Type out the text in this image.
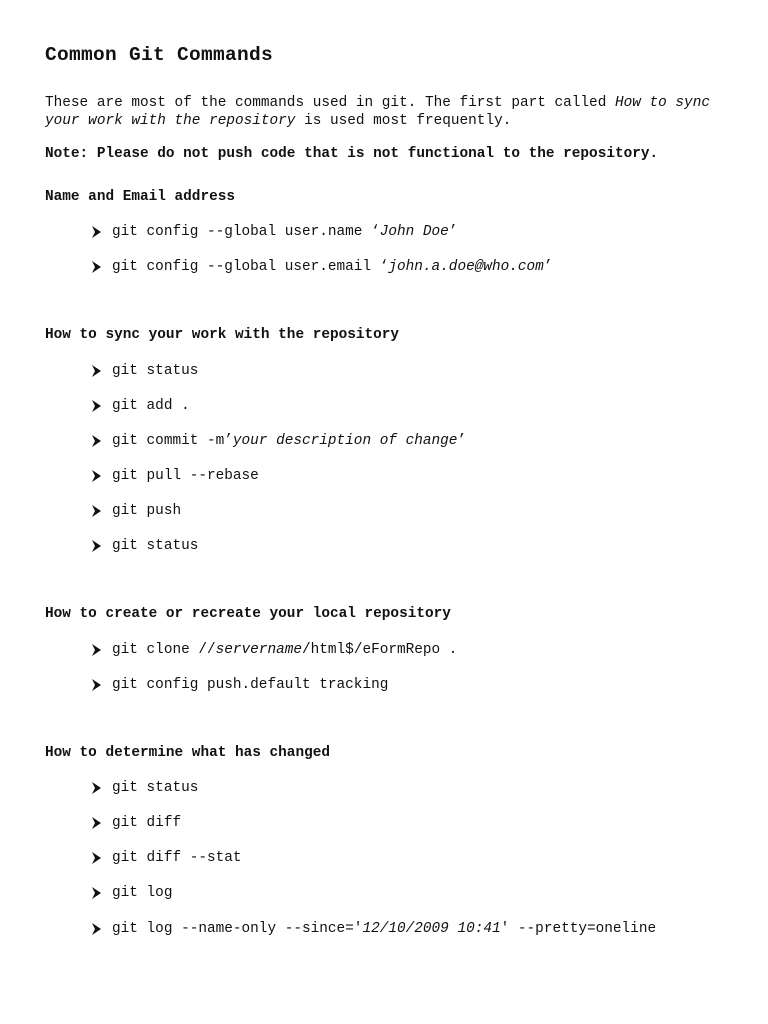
Common Git Commands
These are most of the commands used in git. The first part called How to sync your work with the repository is used most frequently.
Note: Please do not push code that is not functional to the repository.
Name and Email address
git config --global user.name ‘ John Doe ’
git config --global user.email ‘ john.a.doe@who.com ’
How to sync your work with the repository
git status
git add .
git commit -m’ your description of change ’
git pull --rebase
git push
git status
How to create or recreate your local repository
git clone // servername /html$/eFormRepo .
git config push.default tracking
How to determine what has changed
git status
git diff
git diff --stat
git log
git log --name-only --since=' 12/10/2009 10:41 ' --pretty=oneline
